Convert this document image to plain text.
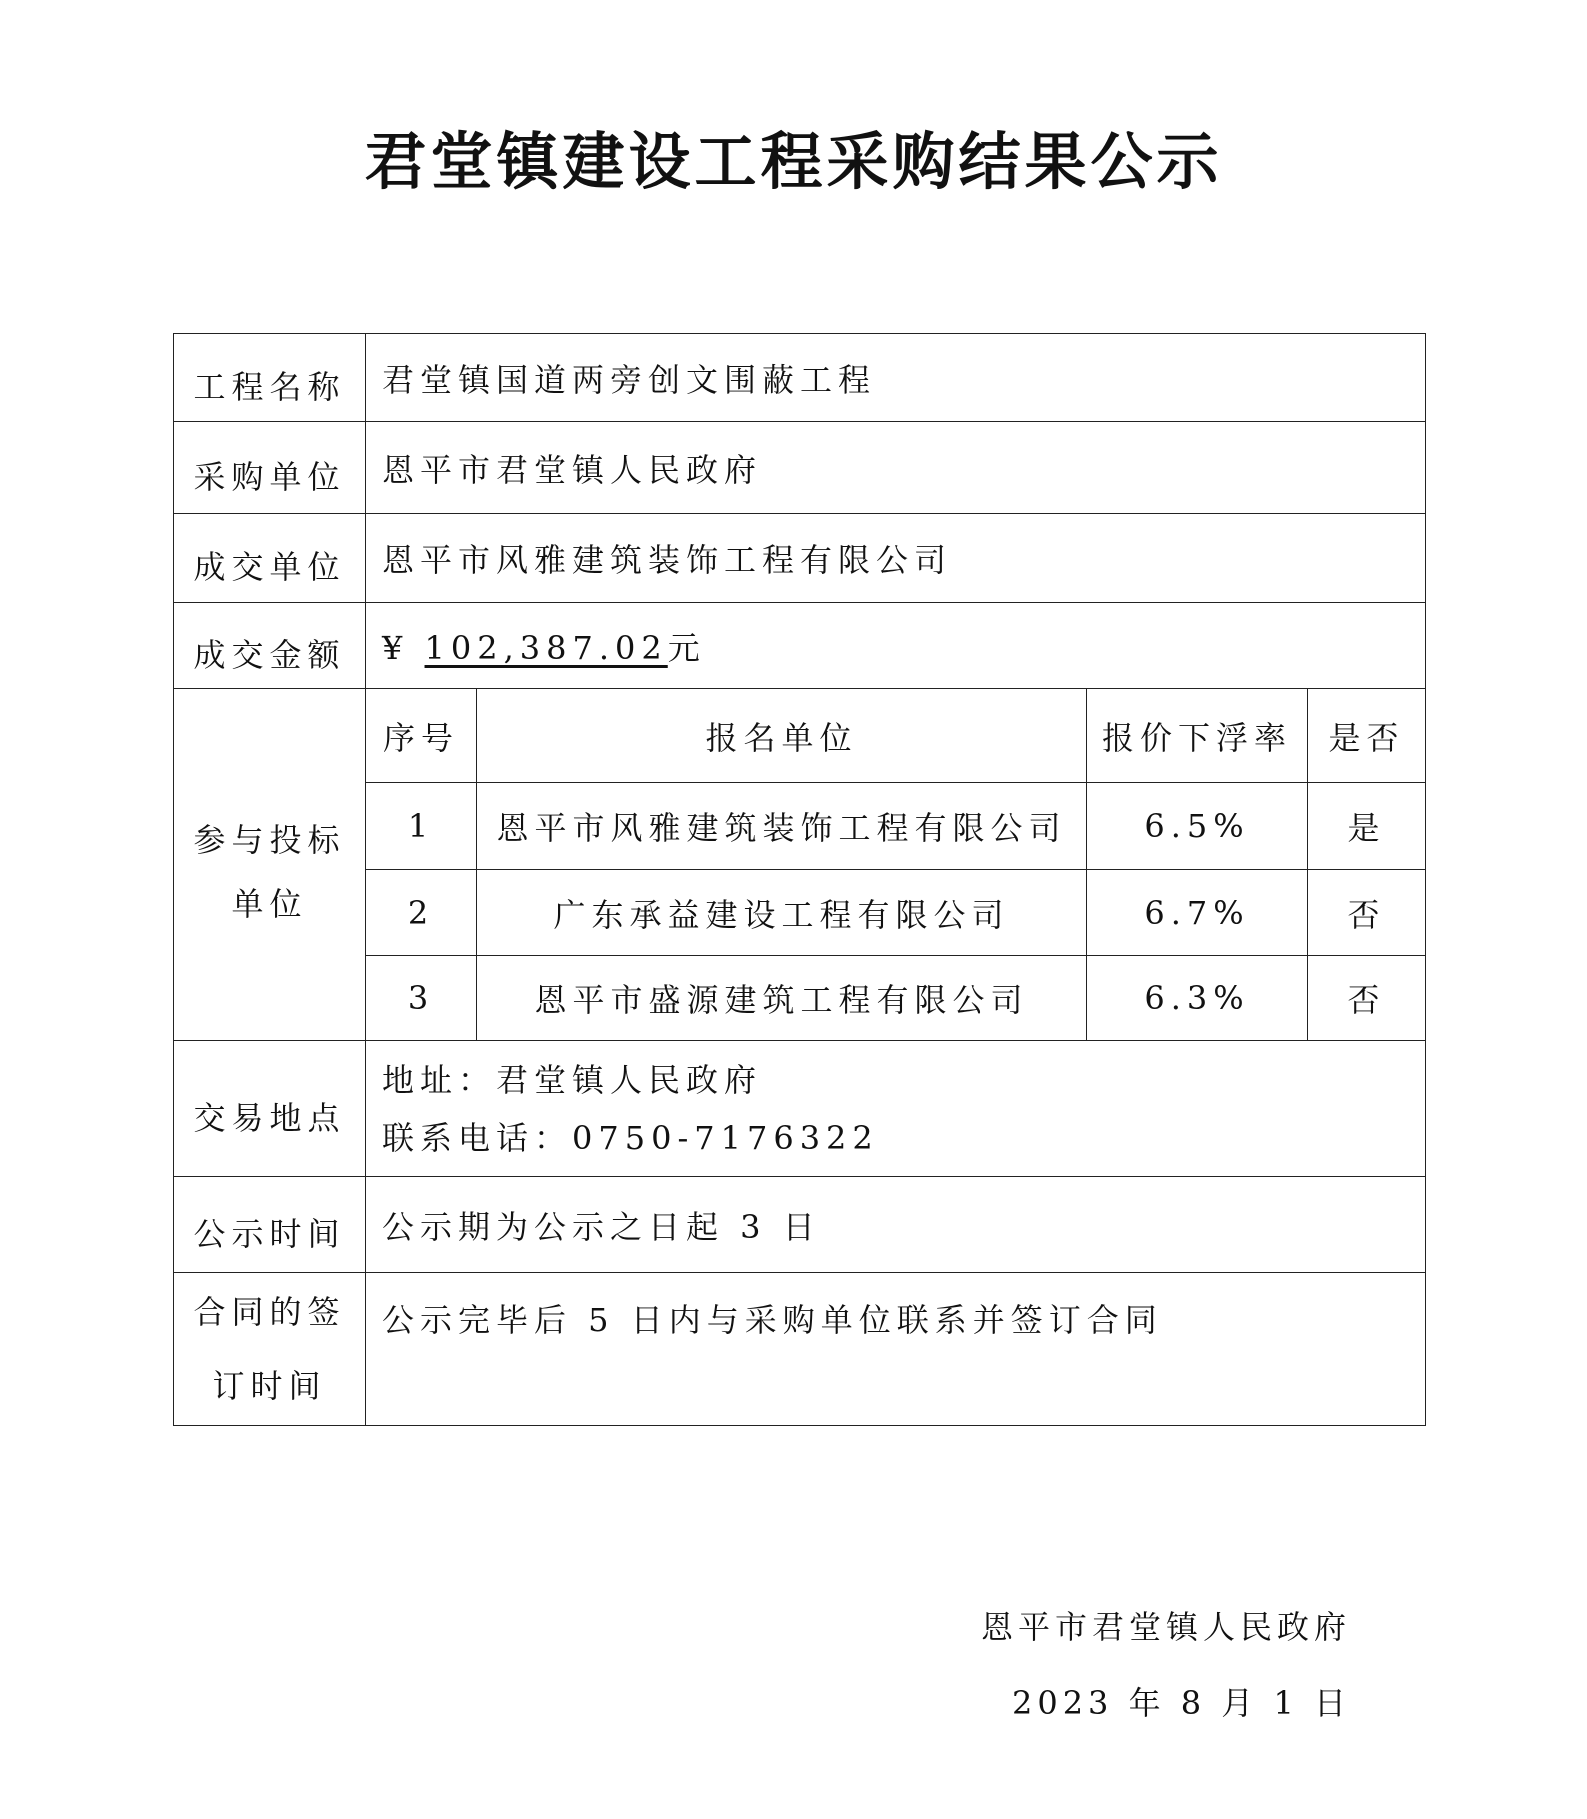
君堂镇建设工程采购结果公示
工程名称	君堂镇国道两旁创文围蔽工程			
采购单位	恩平市君堂镇人民政府			
成交单位	恩平市风雅建筑装饰工程有限公司			
成交金额	¥ 102,387.02元			
参与投标
单位	序号	报名单位	报价下浮率	是否
	1	恩平市风雅建筑装饰工程有限公司	6.5%	是
	2	广东承益建设工程有限公司	6.7%	否
	3	恩平市盛源建筑工程有限公司	6.3%	否
交易地点	地址：君堂镇人民政府
联系电话：0750-7176322			
公示时间	公示期为公示之日起 3 日			
合同的签
订时间	公示完毕后 5 日内与采购单位联系并签订合同			
恩平市君堂镇人民政府
2023 年 8 月 1 日
